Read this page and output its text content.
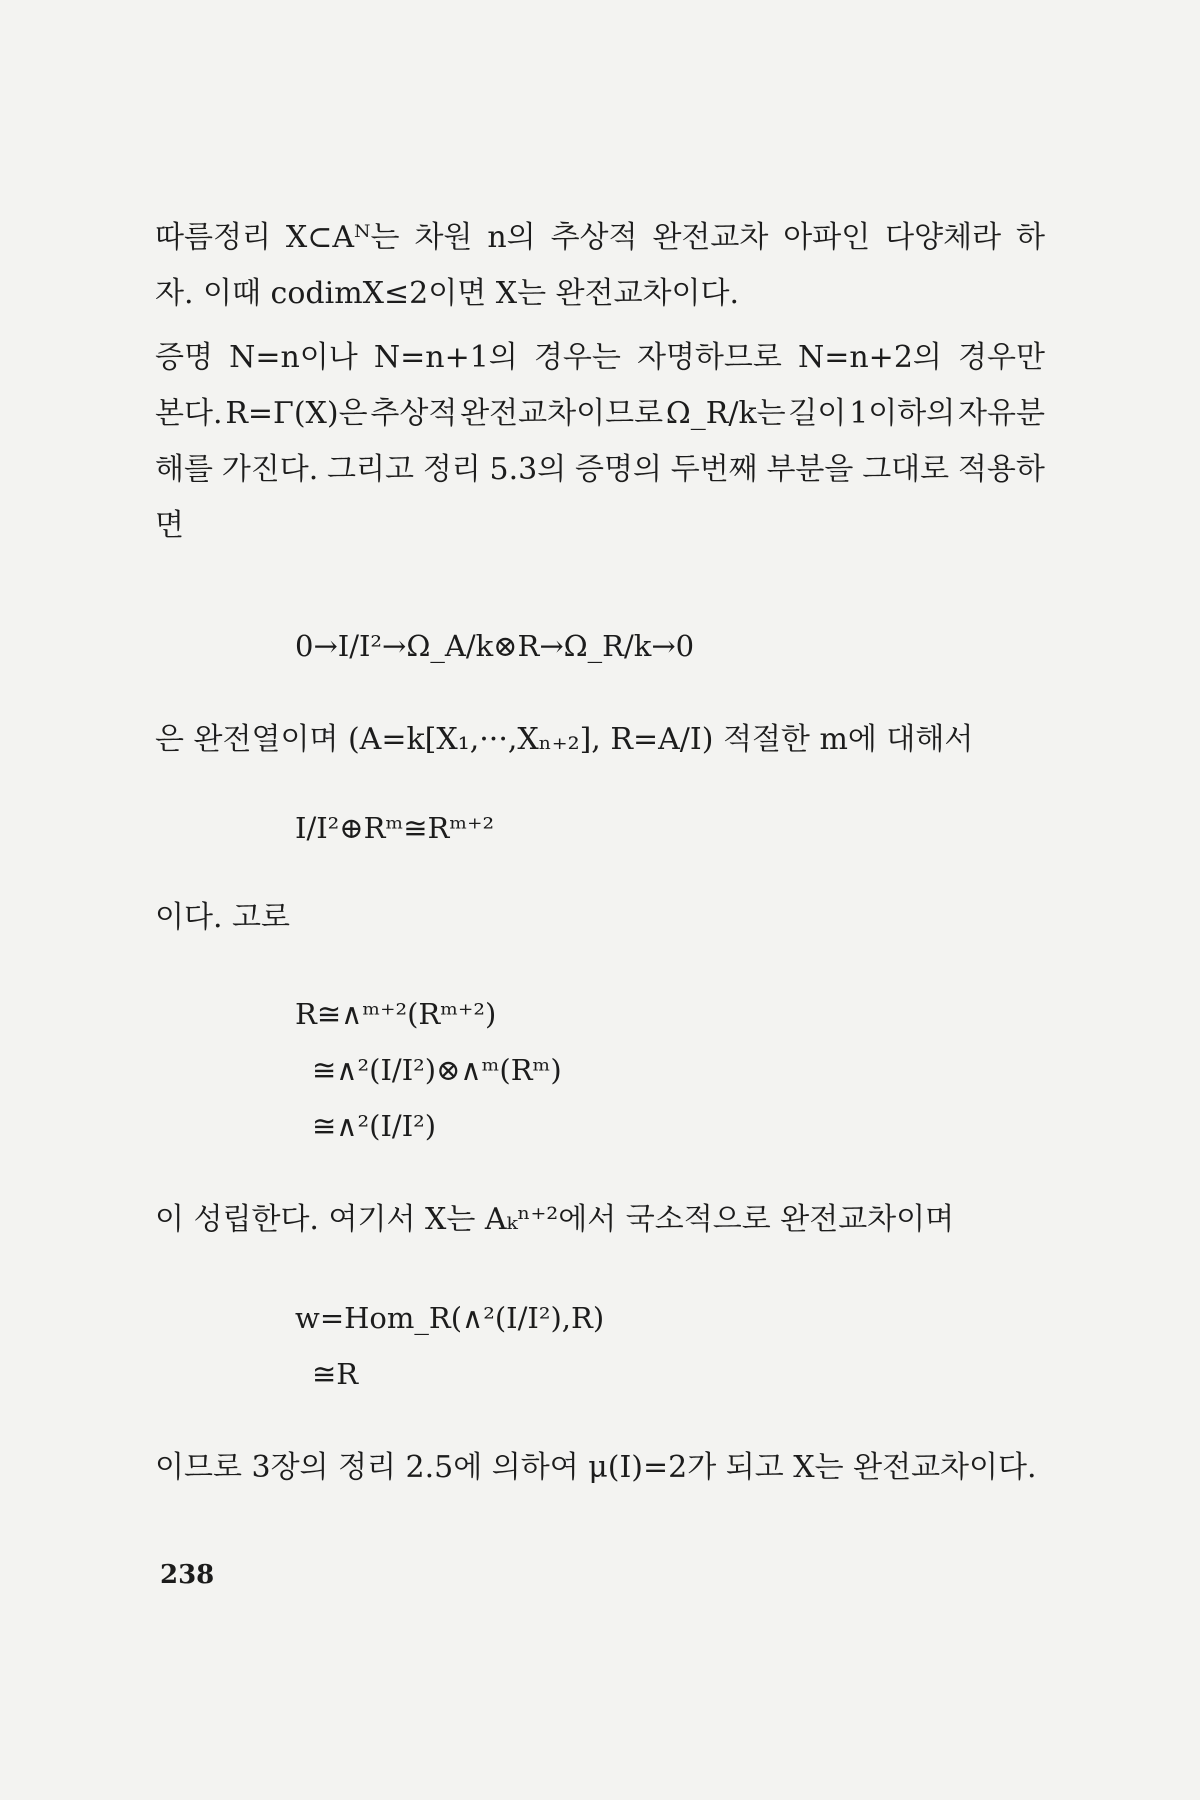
따름정리 X⊂Aᴺ는 차원 n의 추상적 완전교차 아파인 다양체라 하
자. 이때 codimX≤2이면 X는 완전교차이다.
증명 N=n이나 N=n+1의 경우는 자명하므로 N=n+2의 경우만
본다. R=Γ(X)은 추상적 완전교차이므로 Ω_R/k는 길이 1이하의 자유분
해를 가진다. 그리고 정리 5.3의 증명의 두번째 부분을 그대로 적용하
면
0→I/I²→Ω_A/k⊗R→Ω_R/k→0
은 완전열이며 (A=k[X₁,···,Xₙ₊₂], R=A/I) 적절한 m에 대해서
I/I²⊕Rᵐ≅Rᵐ⁺²
이다. 고로
R≅∧ᵐ⁺²(Rᵐ⁺²)
≅∧²(I/I²)⊗∧ᵐ(Rᵐ)
≅∧²(I/I²)
이 성립한다. 여기서 X는 Aₖⁿ⁺²에서 국소적으로 완전교차이며
w=Hom_R(∧²(I/I²),R)
≅R
이므로 3장의 정리 2.5에 의하여 μ(I)=2가 되고 X는 완전교차이다.
238
